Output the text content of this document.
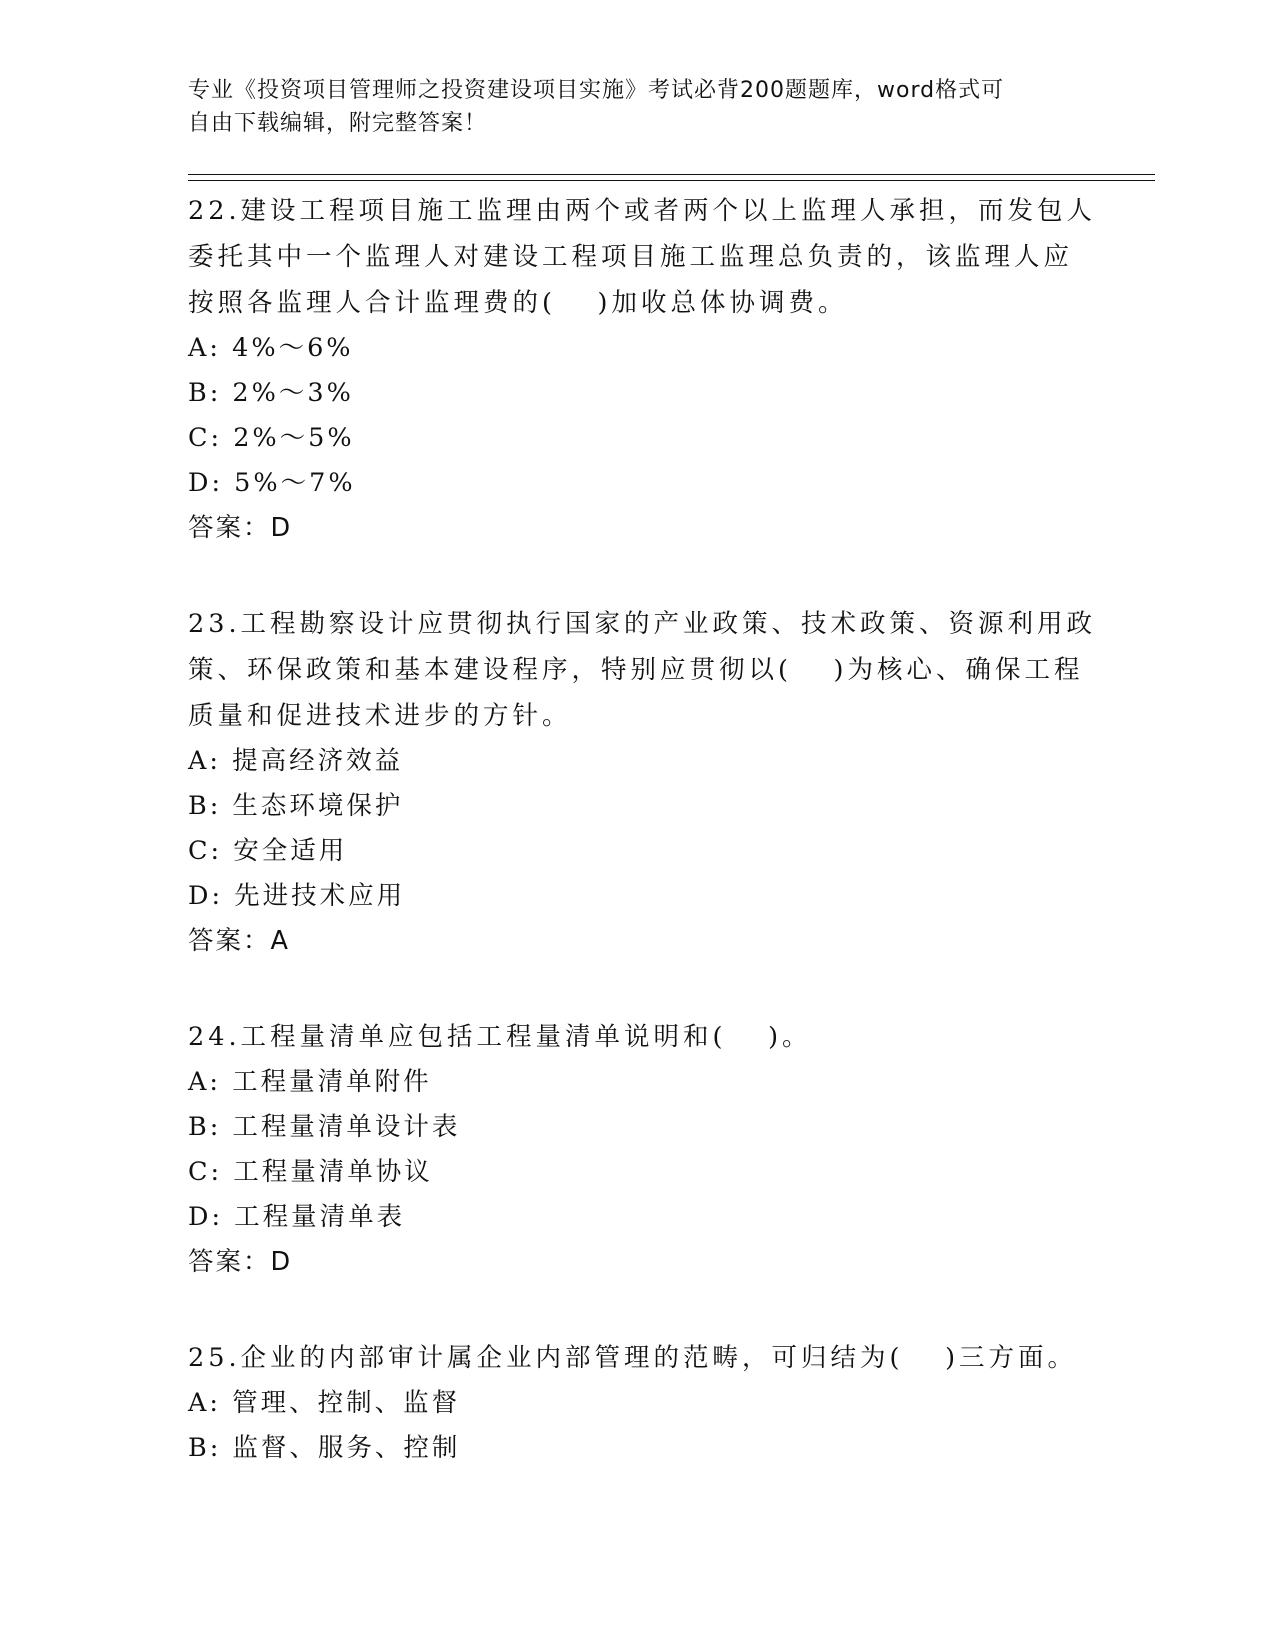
专业《投资项目管理师之投资建设项目实施》考试必背200题题库，word格式可
自由下载编辑，附完整答案！
22.建设工程项目施工监理由两个或者两个以上监理人承担，而发包人
委托其中一个监理人对建设工程项目施工监理总负责的，该监理人应
按照各监理人合计监理费的(　 )加收总体协调费。
A: 4%～6%
B: 2%～3%
C: 2%～5%
D: 5%～7%
答案：D
23.工程勘察设计应贯彻执行国家的产业政策、技术政策、资源利用政
策、环保政策和基本建设程序，特别应贯彻以(　 )为核心、确保工程
质量和促进技术进步的方针。
A: 提高经济效益
B: 生态环境保护
C: 安全适用
D: 先进技术应用
答案：A
24.工程量清单应包括工程量清单说明和(　 )。
A: 工程量清单附件
B: 工程量清单设计表
C: 工程量清单协议
D: 工程量清单表
答案：D
25.企业的内部审计属企业内部管理的范畴，可归结为(　 )三方面。
A: 管理、控制、监督
B: 监督、服务、控制
